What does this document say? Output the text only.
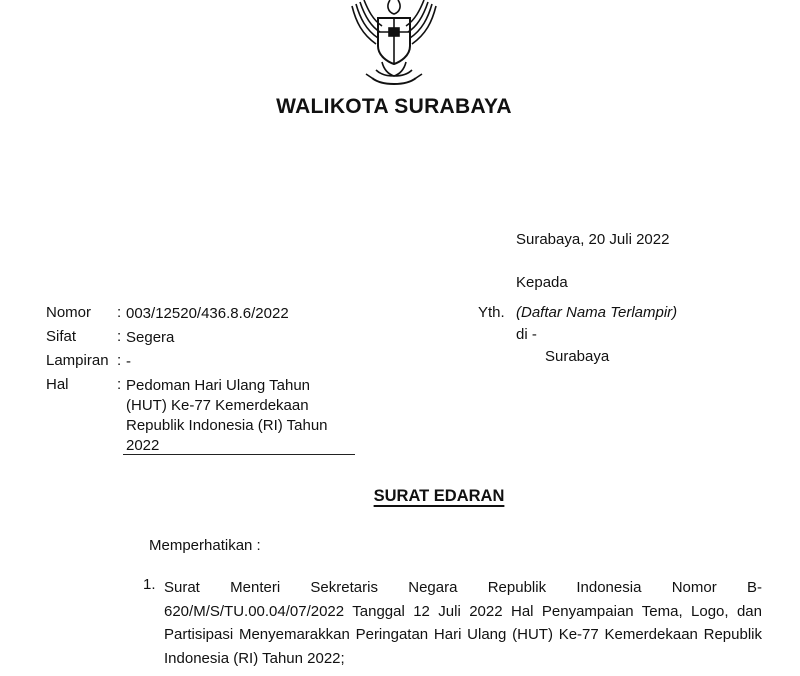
WALIKOTA SURABAYA
Surabaya, 20 Juli 2022
Kepada
Yth. (Daftar Nama Terlampir)
di -
Surabaya
Nomor	: 003/12520/436.8.6/2022
Sifat	: Segera
Lampiran : -
Hal	: Pedoman Hari Ulang Tahun
(HUT) Ke-77 Kemerdekaan
Republik Indonesia (RI) Tahun
2022
SURAT EDARAN
Memperhatikan :
1. Surat Menteri Sekretaris Negara Republik Indonesia Nomor B-
620/M/S/TU.00.04/07/2022 Tanggal 12 Juli 2022 Hal Penyampaian Tema, Logo, dan Partisipasi Menyemarakkan Peringatan Hari Ulang (HUT) Ke-77 Kemerdekaan Republik Indonesia (RI) Tahun 2022;
